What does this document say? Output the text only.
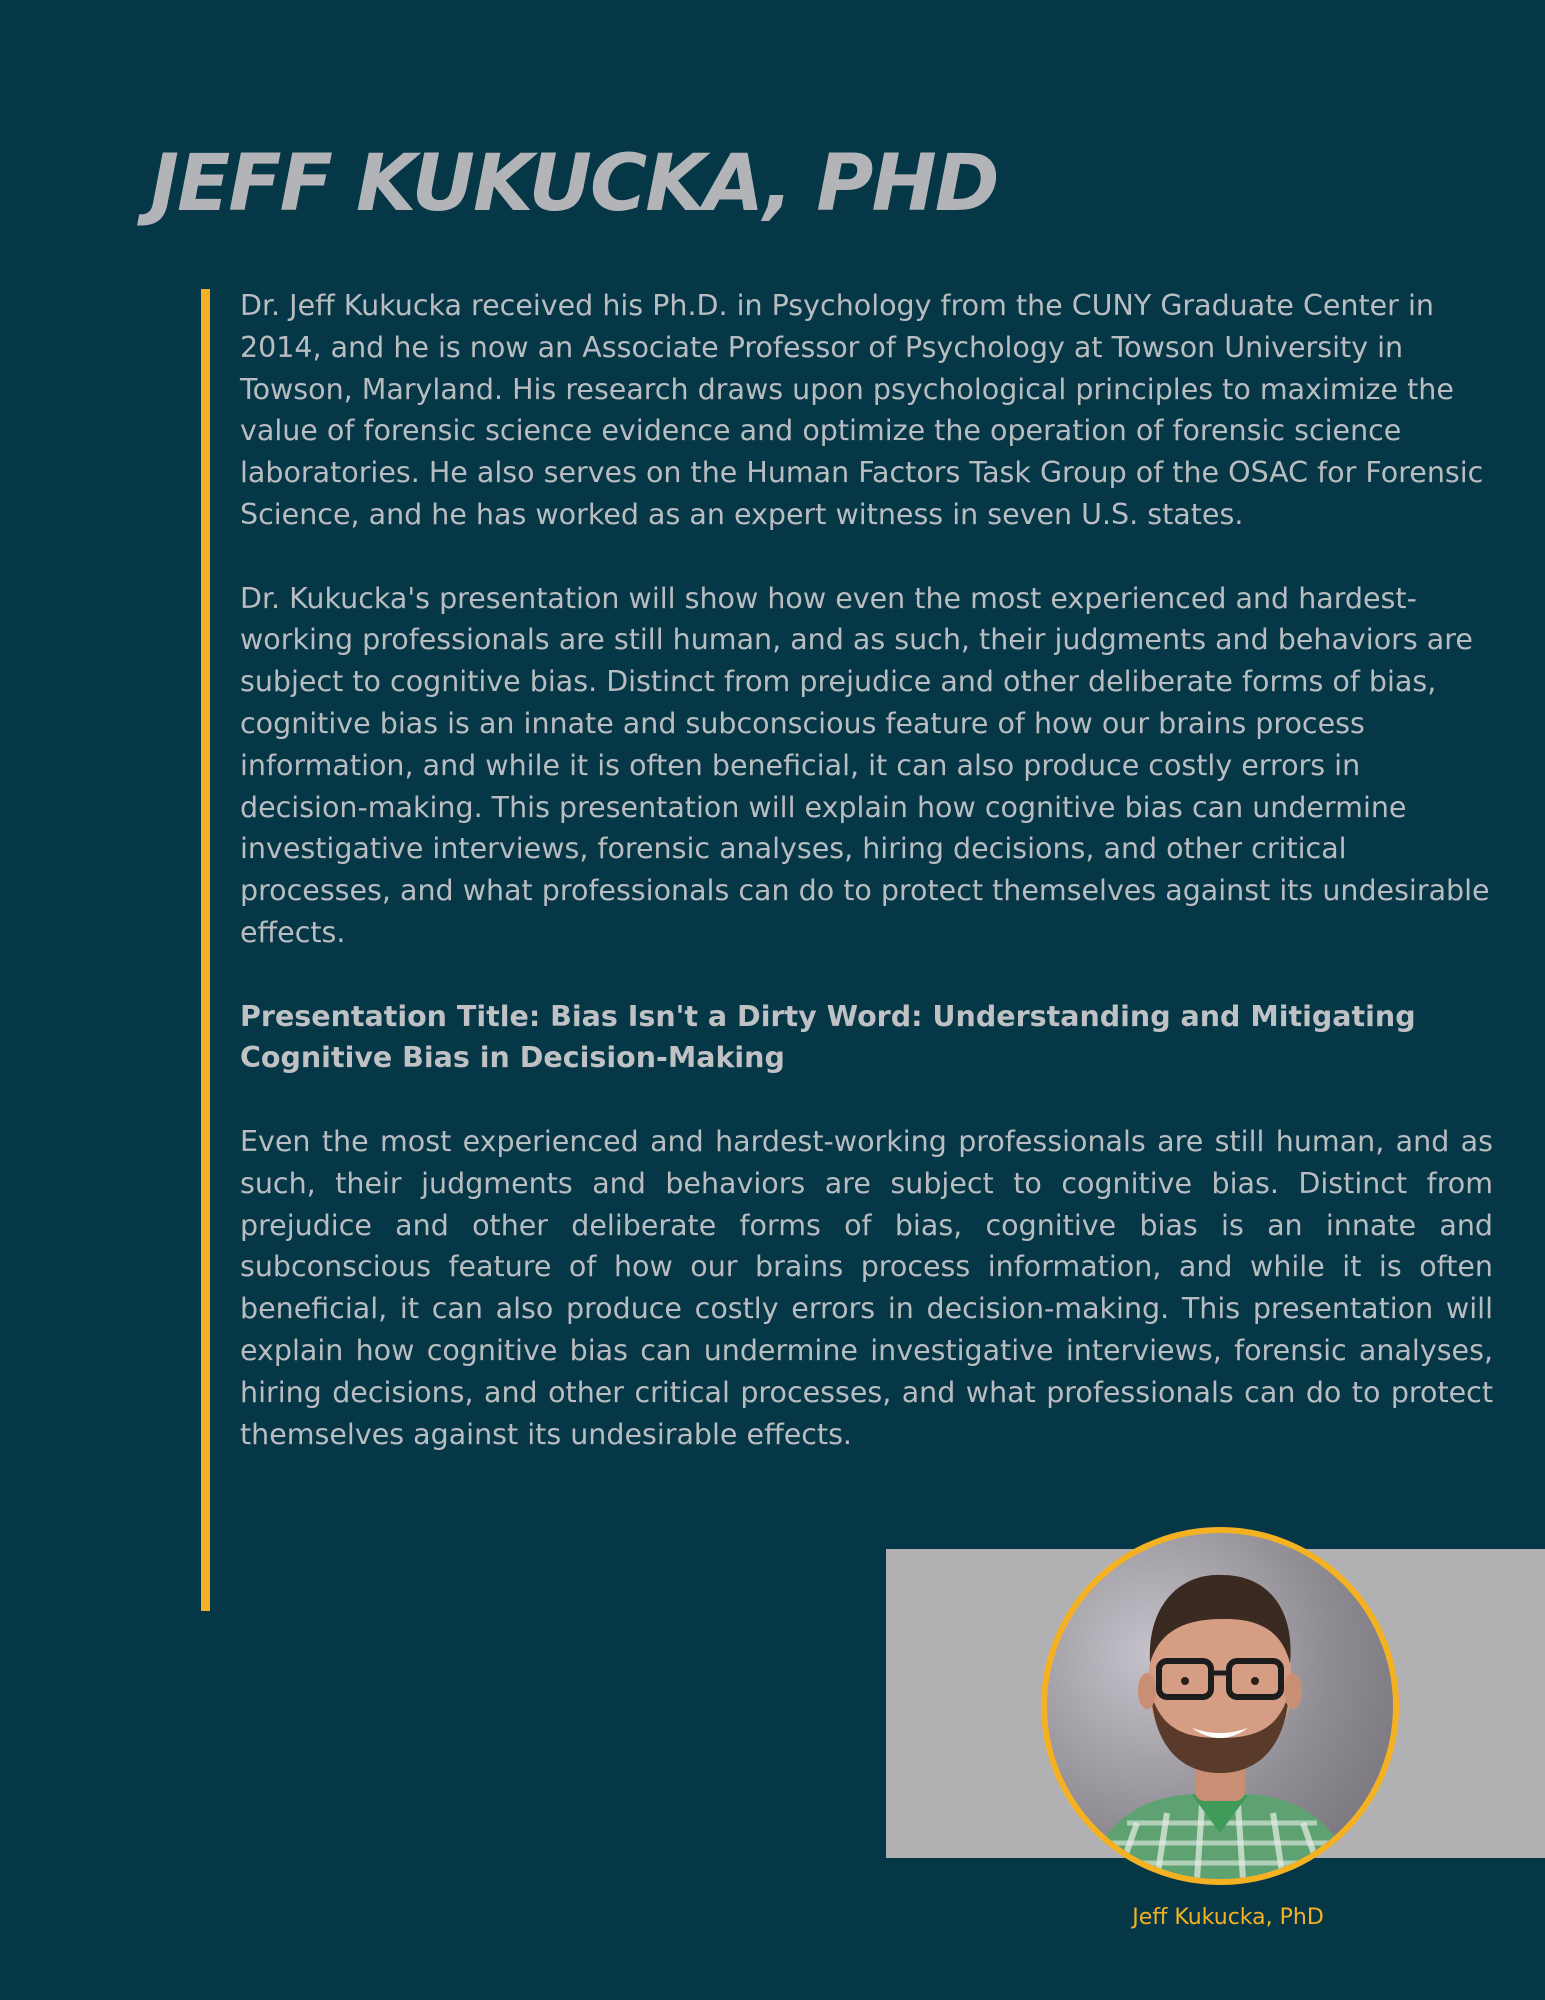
JEFF KUKUCKA, PHD

Dr. Jeff Kukucka received his Ph.D. in Psychology from the CUNY Graduate Center in 2014, and he is now an Associate Professor of Psychology at Towson University in Towson, Maryland. His research draws upon psychological principles to maximize the value of forensic science evidence and optimize the operation of forensic science laboratories. He also serves on the Human Factors Task Group of the OSAC for Forensic Science, and he has worked as an expert witness in seven U.S. states.

Dr. Kukucka's presentation will show how even the most experienced and hardest-working professionals are still human, and as such, their judgments and behaviors are subject to cognitive bias. Distinct from prejudice and other deliberate forms of bias, cognitive bias is an innate and subconscious feature of how our brains process information, and while it is often beneficial, it can also produce costly errors in decision-making. This presentation will explain how cognitive bias can undermine investigative interviews, forensic analyses, hiring decisions, and other critical processes, and what professionals can do to protect themselves against its undesirable effects.

Presentation Title: Bias Isn't a Dirty Word: Understanding and Mitigating Cognitive Bias in Decision-Making

Even the most experienced and hardest-working professionals are still human, and as such, their judgments and behaviors are subject to cognitive bias. Distinct from prejudice and other deliberate forms of bias, cognitive bias is an innate and subconscious feature of how our brains process information, and while it is often beneficial, it can also produce costly errors in decision-making. This presentation will explain how cognitive bias can undermine investigative interviews, forensic analyses, hiring decisions, and other critical processes, and what professionals can do to protect themselves against its undesirable effects.

Jeff Kukucka, PhD
